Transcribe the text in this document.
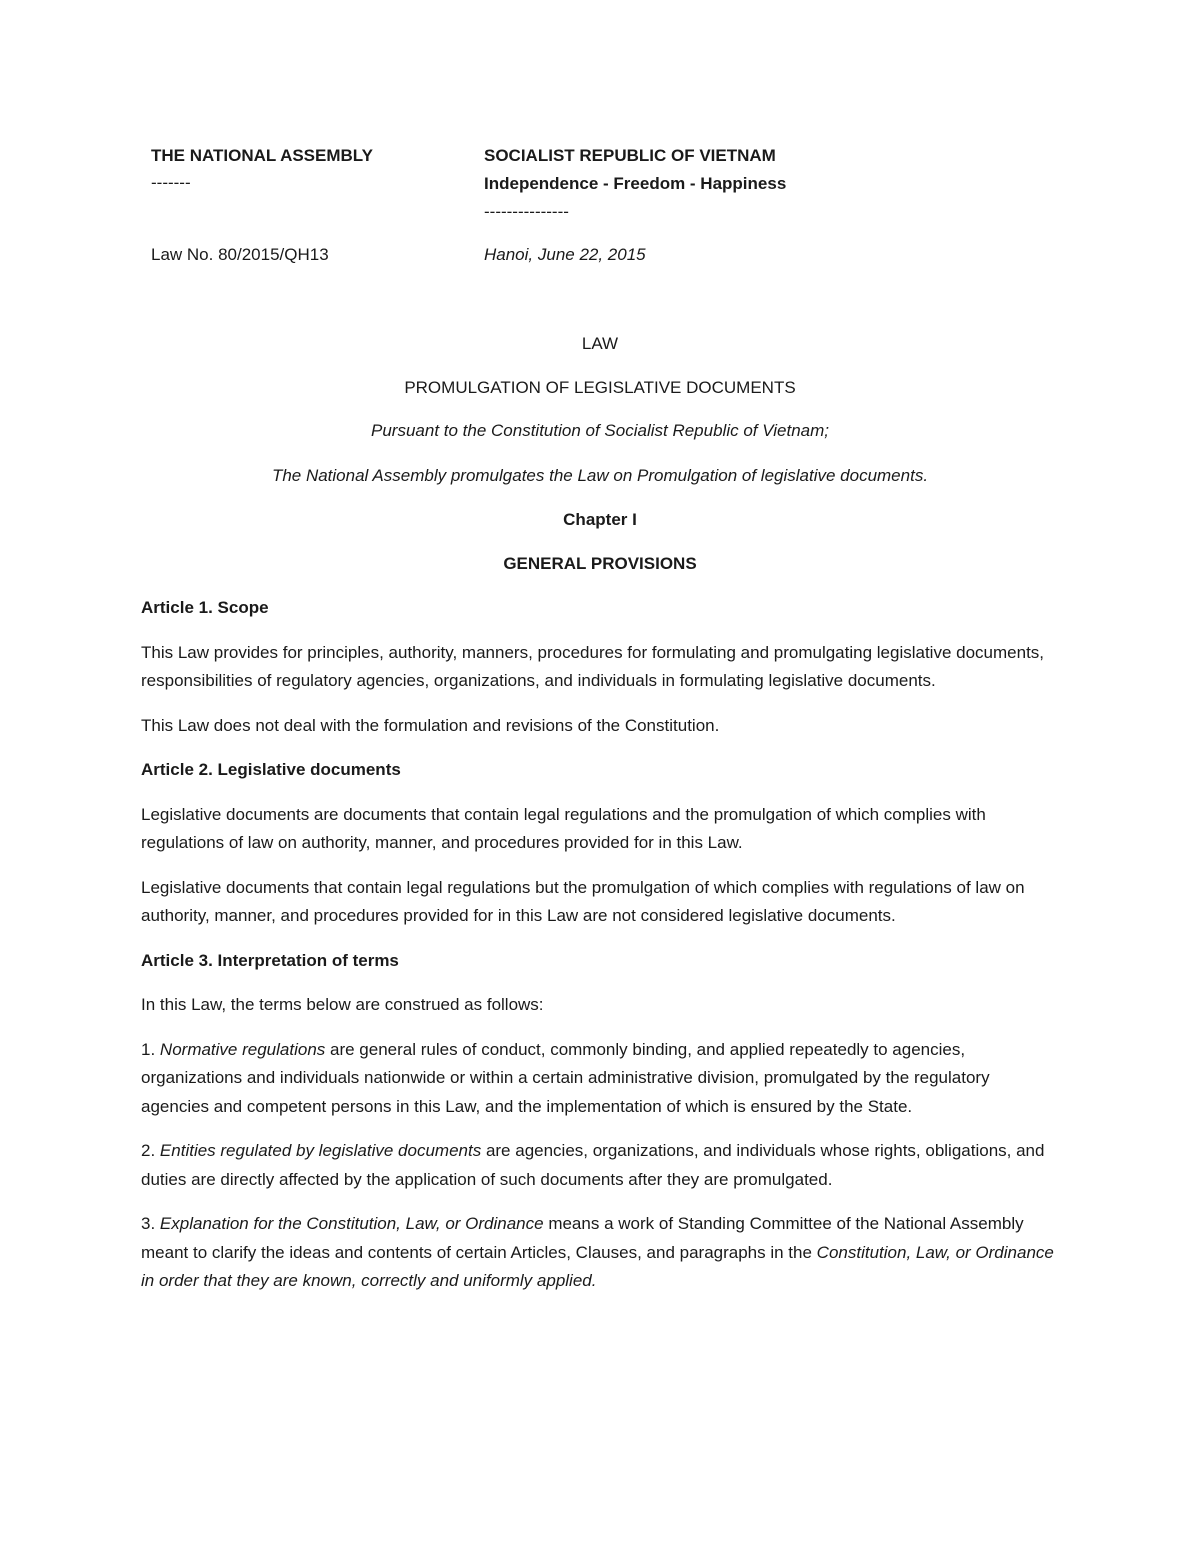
THE NATIONAL ASSEMBLY
-------
SOCIALIST REPUBLIC OF VIETNAM
Independence - Freedom - Happiness
---------------
Law No. 80/2015/QH13	Hanoi, June 22, 2015

LAW

PROMULGATION OF LEGISLATIVE DOCUMENTS

Pursuant to the Constitution of Socialist Republic of Vietnam;

The National Assembly promulgates the Law on Promulgation of legislative documents.

Chapter I

GENERAL PROVISIONS

Article 1. Scope

This Law provides for principles, authority, manners, procedures for formulating and promulgating legislative documents, responsibilities of regulatory agencies, organizations, and individuals in formulating legislative documents.

This Law does not deal with the formulation and revisions of the Constitution.

Article 2. Legislative documents

Legislative documents are documents that contain legal regulations and the promulgation of which complies with regulations of law on authority, manner, and procedures provided for in this Law.

Legislative documents that contain legal regulations but the promulgation of which complies with regulations of law on authority, manner, and procedures provided for in this Law are not considered legislative documents.

Article 3. Interpretation of terms

In this Law, the terms below are construed as follows:

1. Normative regulations are general rules of conduct, commonly binding, and applied repeatedly to agencies, organizations and individuals nationwide or within a certain administrative division, promulgated by the regulatory agencies and competent persons in this Law, and the implementation of which is ensured by the State.

2. Entities regulated by legislative documents are agencies, organizations, and individuals whose rights, obligations, and duties are directly affected by the application of such documents after they are promulgated.

3. Explanation for the Constitution, Law, or Ordinance means a work of Standing Committee of the National Assembly meant to clarify the ideas and contents of certain Articles, Clauses, and paragraphs in the Constitution, Law, or Ordinance in order that they are known, correctly and uniformly applied.
